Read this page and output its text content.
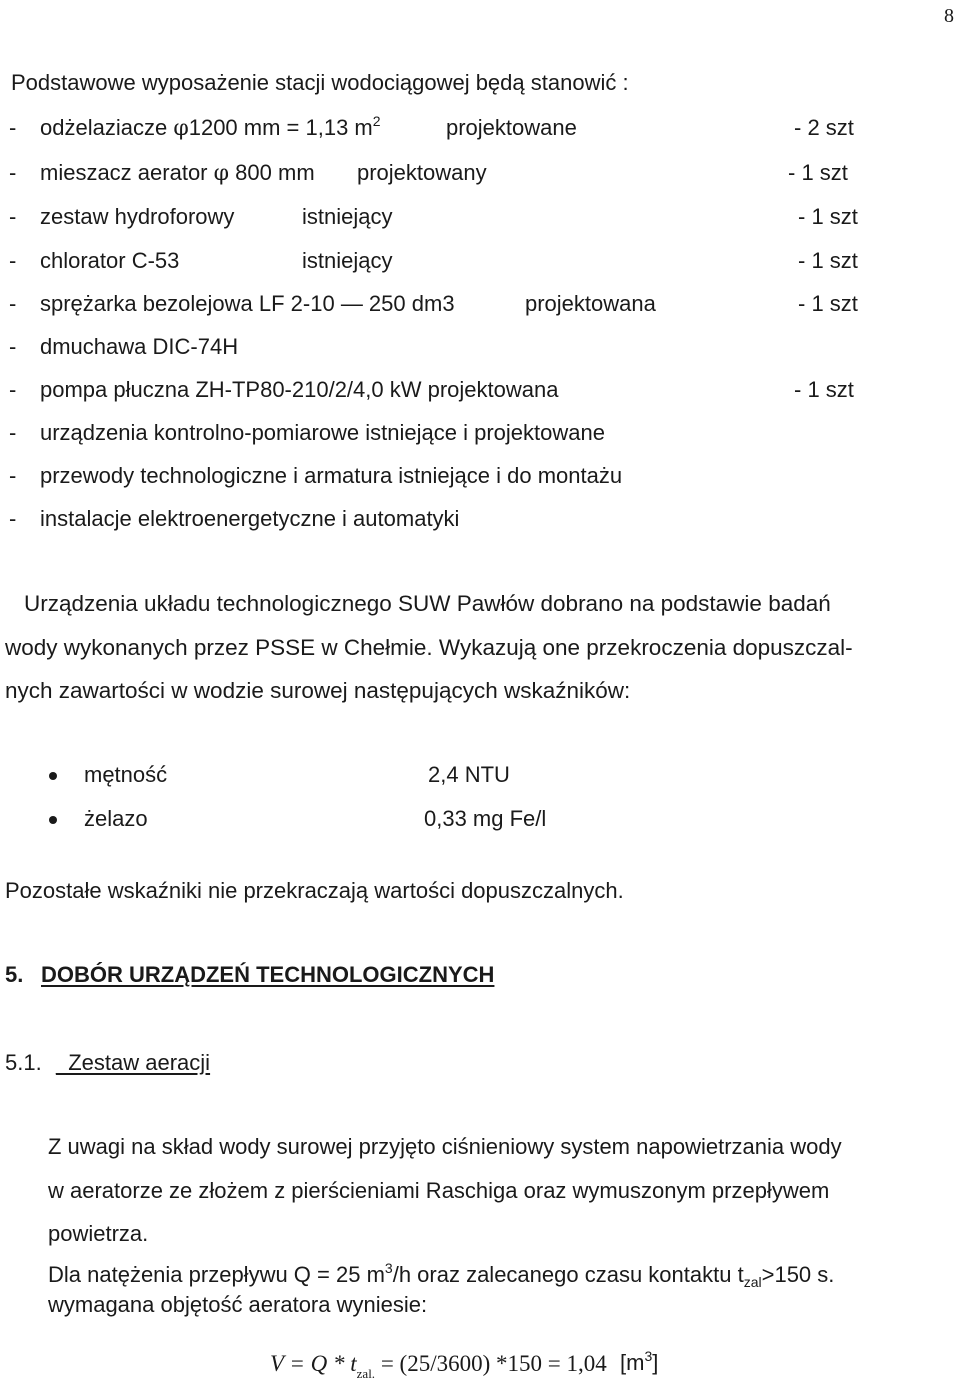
8
Podstawowe wyposażenie stacji wodociągowej będą stanowić :
- odżelaziacze φ1200 mm = 1,13 $m^2$	projektowane	- 2 szt
- mieszacz aerator φ 800 mm projektowany	- 1 szt
- zestaw hydroforowy	istniejący	- 1 szt
- chlorator C-53	istniejący	- 1 szt
- sprężarka bezolejowa LF 2-10 — 250 dm3	projektowana	- 1 szt
- dmuchawa DIC-74H
- pompa płuczna ZH-TP80-210/2/4,0 kW projektowana	- 1 szt
- urządzenia kontrolno-pomiarowe istniejące i projektowane
- przewody technologiczne i armatura istniejące i do montażu
- instalacje elektroenergetyczne i automatyki
Urządzenia układu technologicznego SUW Pawłów dobrano na podstawie badań
wody wykonanych przez PSSE w Chełmie. Wykazują one przekroczenia dopuszczal-
nych zawartości w wodzie surowej następujących wskaźników:
mętność	2,4 NTU
żelazo	0,33 mg Fe/l
Pozostałe wskaźniki nie przekraczają wartości dopuszczalnych.
5. DOBÓR URZĄDZEŃ TECHNOLOGICZNYCH
5.1. _Zestaw aeracji
Z uwagi na skład wody surowej przyjęto ciśnieniowy system napowietrzania wody
w aeratorze ze złożem z pierścieniami Raschiga oraz wymuszonym przepływem
powietrza.
Dla natężenia przepływu Q = 25 $m^3/h$ oraz zalecanego czasu kontaktu $t_{zal}>150$ s.
wymagana objętość aeratora wyniesie:
$V = Q * t_{zal.} = (25/3600) *150 = 1,04$ $[m^3]$
